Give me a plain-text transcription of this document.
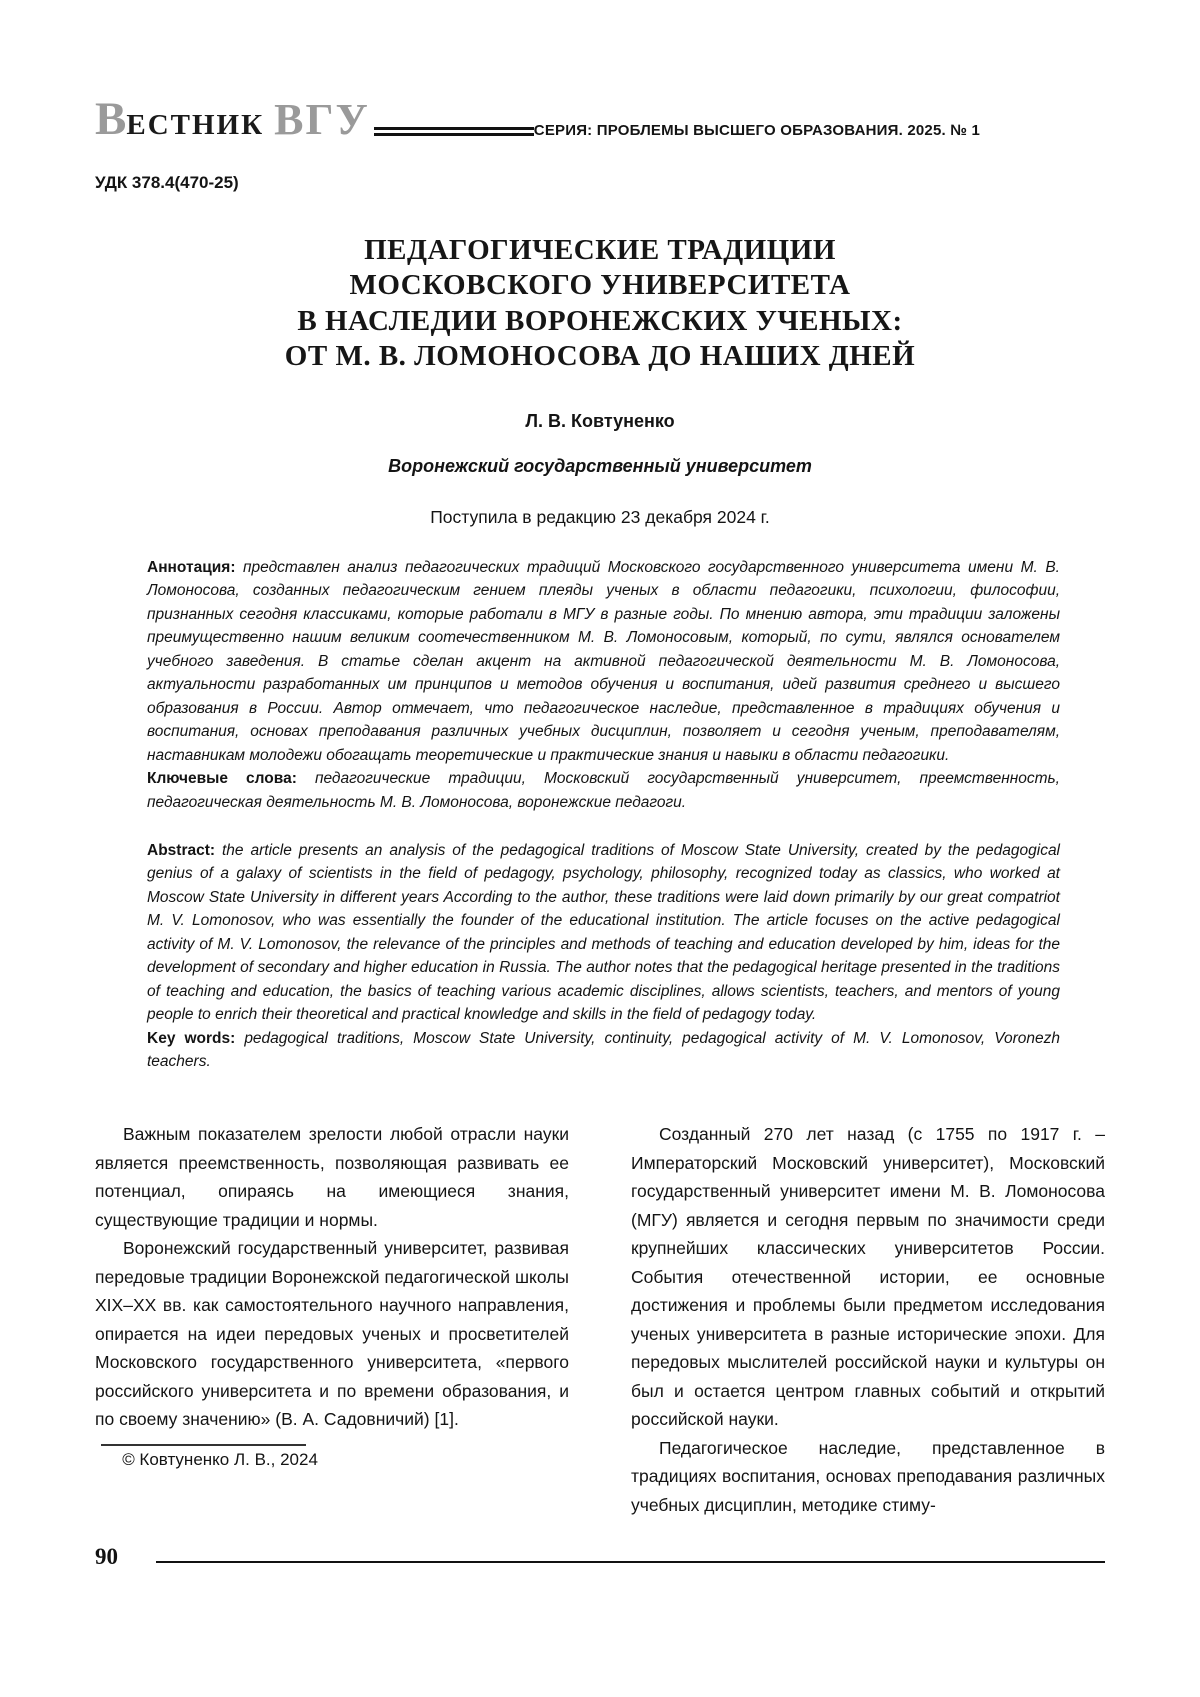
ВЕСТНИК ВГУ	СЕРИЯ: ПРОБЛЕМЫ ВЫСШЕГО ОБРАЗОВАНИЯ. 2025. № 1
УДК 378.4(470-25)
ПЕДАГОГИЧЕСКИЕ ТРАДИЦИИ
МОСКОВСКОГО УНИВЕРСИТЕТА
В НАСЛЕДИИ ВОРОНЕЖСКИХ УЧЕНЫХ:
ОТ М. В. ЛОМОНОСОВА ДО НАШИХ ДНЕЙ
Л. В. Ковтуненко
Воронежский государственный университет
Поступила в редакцию 23 декабря 2024 г.

Аннотация: представлен анализ педагогических традиций Московского государственного университета имени М. В. Ломоносова, созданных педагогическим гением плеяды ученых в области педагогики, психологии, философии, признанных сегодня классиками, которые работали в МГУ в разные годы. По мнению автора, эти традиции заложены преимущественно нашим великим соотечественником М. В. Ломоносовым, который, по сути, являлся основателем учебного заведения. В статье сделан акцент на активной педагогической деятельности М. В. Ломоносова, актуальности разработанных им принципов и методов обучения и воспитания, идей развития среднего и высшего образования в России. Автор отмечает, что педагогическое наследие, представленное в традициях обучения и воспитания, основах преподавания различных учебных дисциплин, позволяет и сегодня ученым, преподавателям, наставникам молодежи обогащать теоретические и практические знания и навыки в области педагогики.

Ключевые слова: педагогические традиции, Московский государственный университет, преемственность, педагогическая деятельность М. В. Ломоносова, воронежские педагоги.

Abstract: the article presents an analysis of the pedagogical traditions of Moscow State University, created by the pedagogical genius of a galaxy of scientists in the field of pedagogy, psychology, philosophy, recognized today as classics, who worked at Moscow State University in different years According to the author, these traditions were laid down primarily by our great compatriot M. V. Lomonosov, who was essentially the founder of the educational institution. The article focuses on the active pedagogical activity of M. V. Lomonosov, the relevance of the principles and methods of teaching and education developed by him, ideas for the development of secondary and higher education in Russia. The author notes that the pedagogical heritage presented in the traditions of teaching and education, the basics of teaching various academic disciplines, allows scientists, teachers, and mentors of young people to enrich their theoretical and practical knowledge and skills in the field of pedagogy today.

Key words: pedagogical traditions, Moscow State University, continuity, pedagogical activity of M. V. Lomonosov, Voronezh teachers.

Важным показателем зрелости любой отрасли науки является преемственность, позволяющая развивать ее потенциал, опираясь на имеющиеся знания, существующие традиции и нормы.

Воронежский государственный университет, развивая передовые традиции Воронежской педагогической школы XIX–XX вв. как самостоятельного научного направления, опирается на идеи передовых ученых и просветителей Московского государственного университета, «первого российского университета и по времени образования, и по своему значению» (В. А. Садовничий) [1].

© Ковтуненко Л. В., 2024

Созданный 270 лет назад (с 1755 по 1917 г. – Императорский Московский университет), Московский государственный университет имени М. В. Ломоносова (МГУ) является и сегодня первым по значимости среди крупнейших классических университетов России. События отечественной истории, ее основные достижения и проблемы были предметом исследования ученых университета в разные исторические эпохи. Для передовых мыслителей российской науки и культуры он был и остается центром главных событий и открытий российской науки.

Педагогическое наследие, представленное в традициях воспитания, основах преподавания различных учебных дисциплин, методике стиму-

90
